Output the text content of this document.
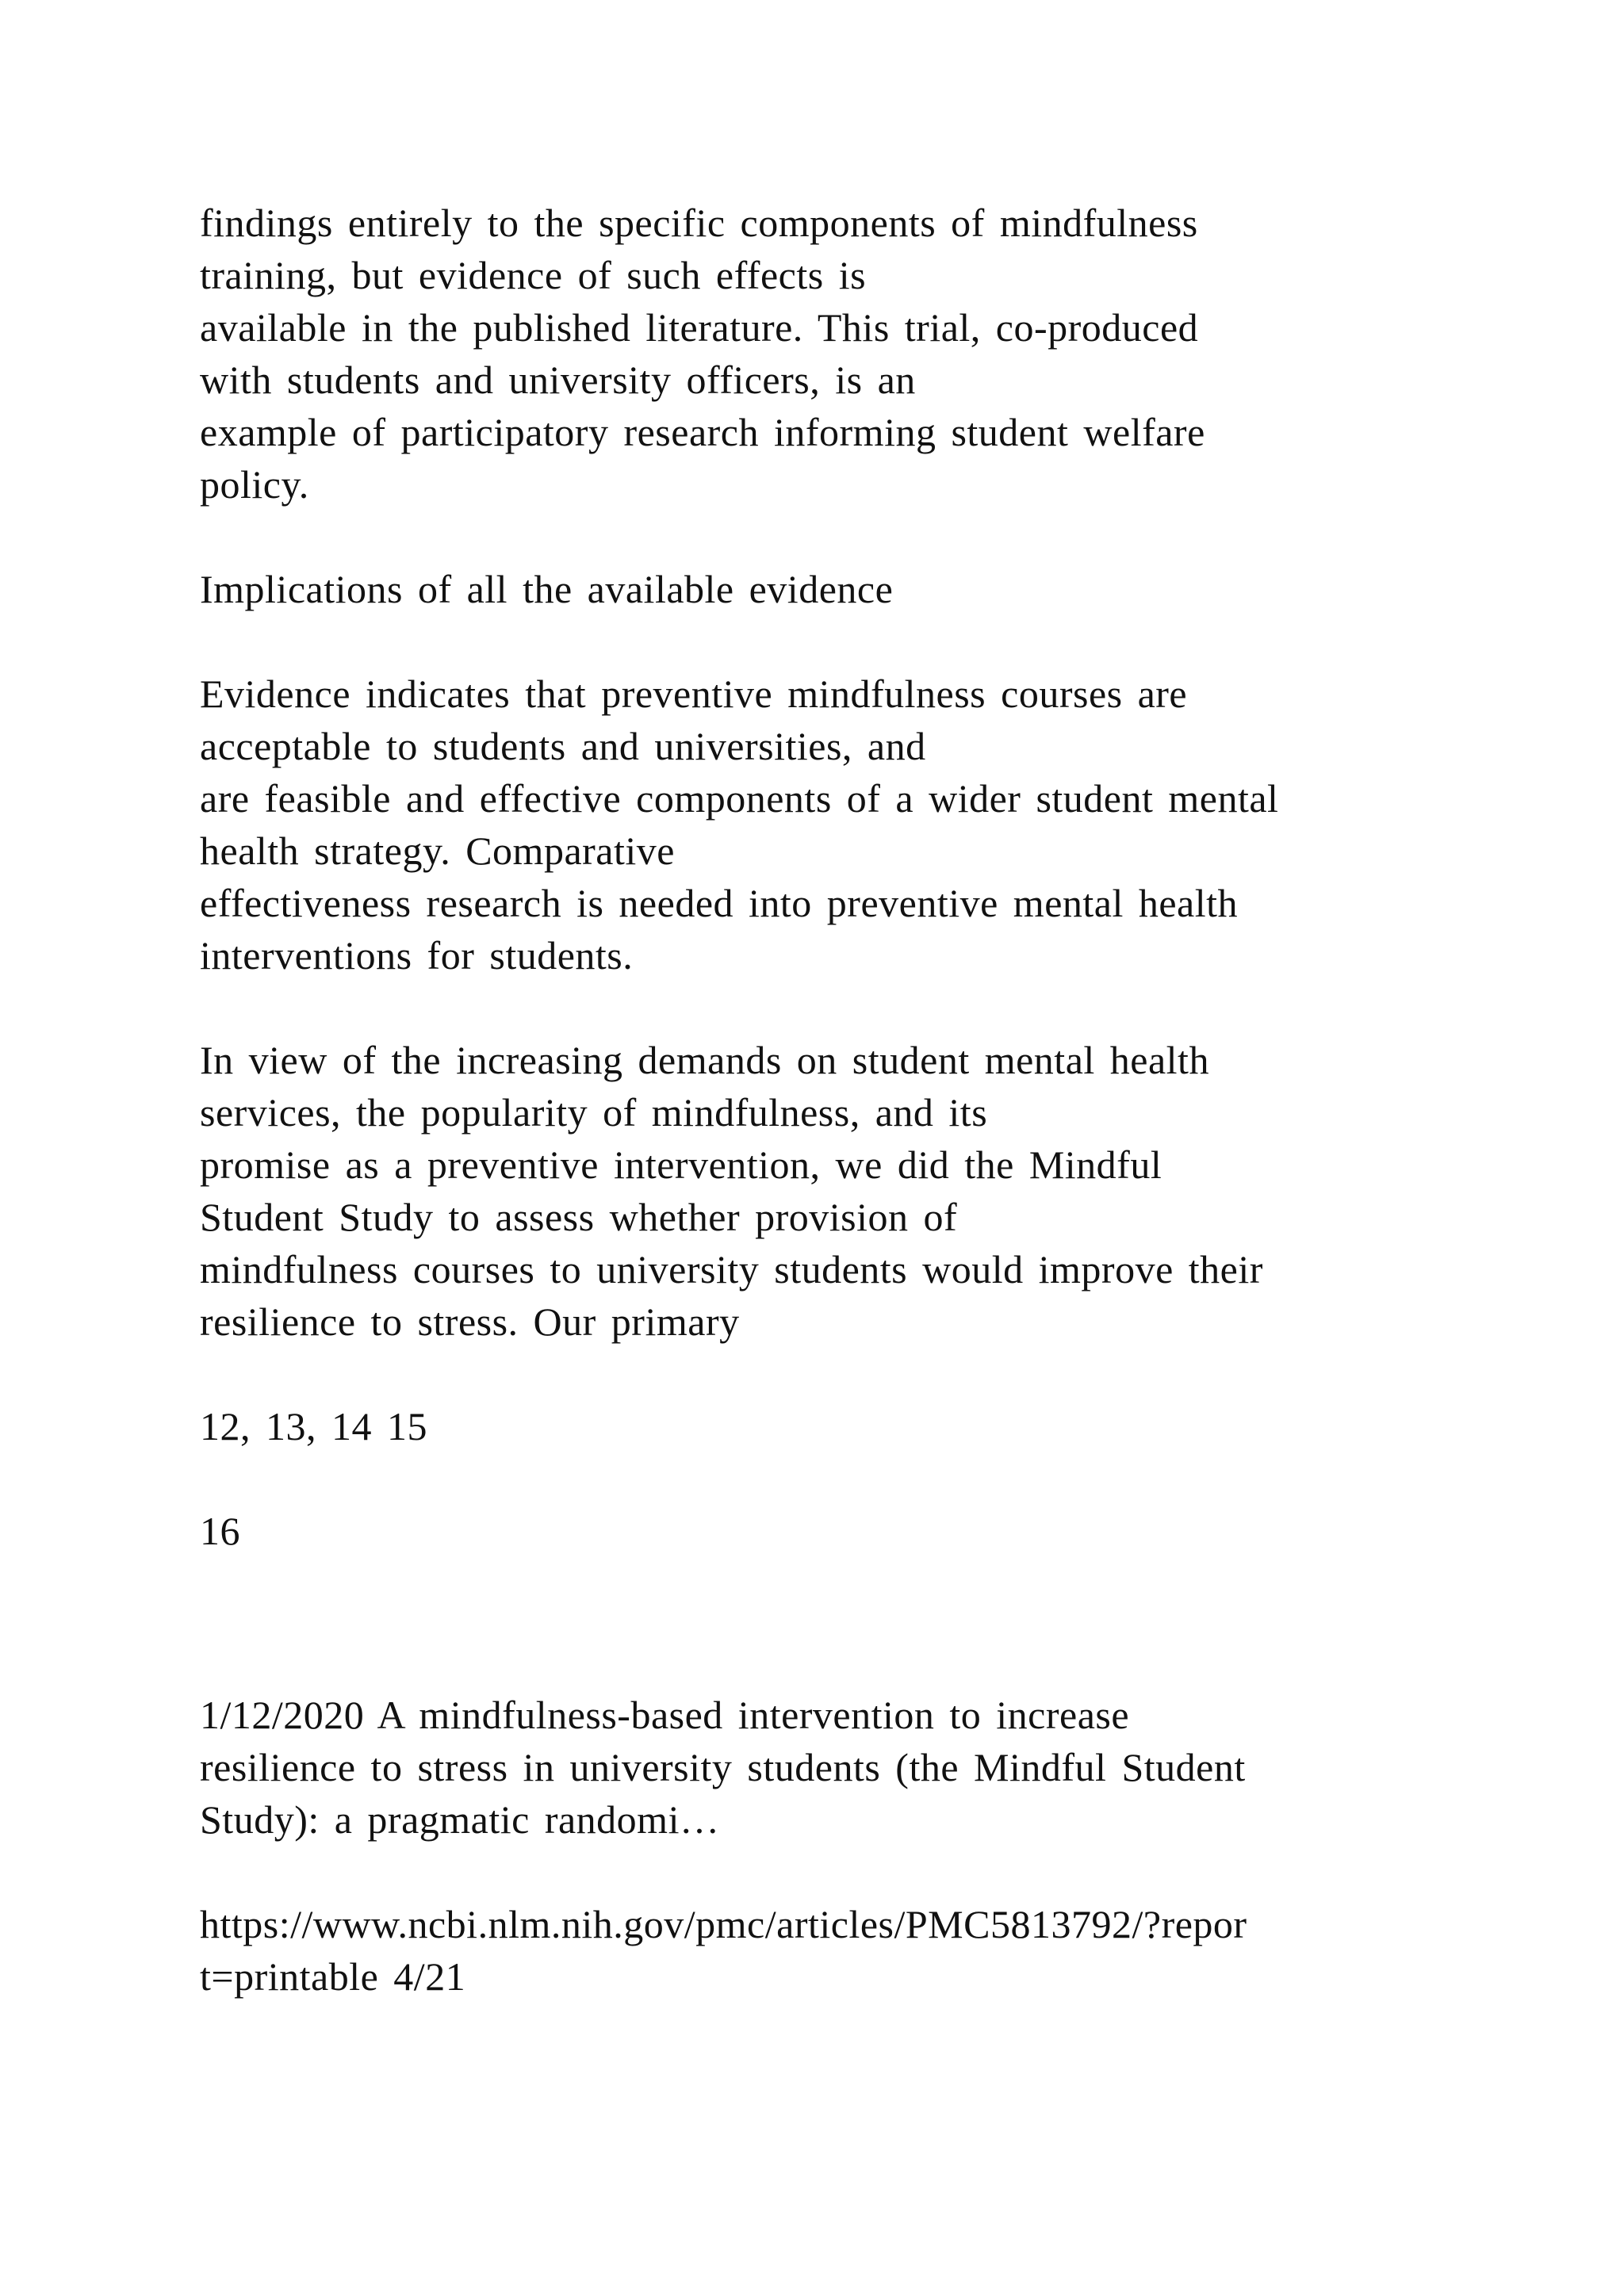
findings entirely to the specific components of mindfulness
training, but evidence of such effects is
available in the published literature. This trial, co-produced
with students and university officers, is an
example of participatory research informing student welfare
policy.
Implications of all the available evidence
Evidence indicates that preventive mindfulness courses are
acceptable to students and universities, and
are feasible and effective components of a wider student mental
health strategy. Comparative
effectiveness research is needed into preventive mental health
interventions for students.
In view of the increasing demands on student mental health
services, the popularity of mindfulness, and its
promise as a preventive intervention, we did the Mindful
Student Study to assess whether provision of
mindfulness courses to university students would improve their
resilience to stress. Our primary
12, 13, 14 15
16
1/12/2020 A mindfulness-based intervention to increase
resilience to stress in university students (the Mindful Student
Study): a pragmatic randomi…
https://www.ncbi.nlm.nih.gov/pmc/articles/PMC5813792/?repor
t=printable 4/21
